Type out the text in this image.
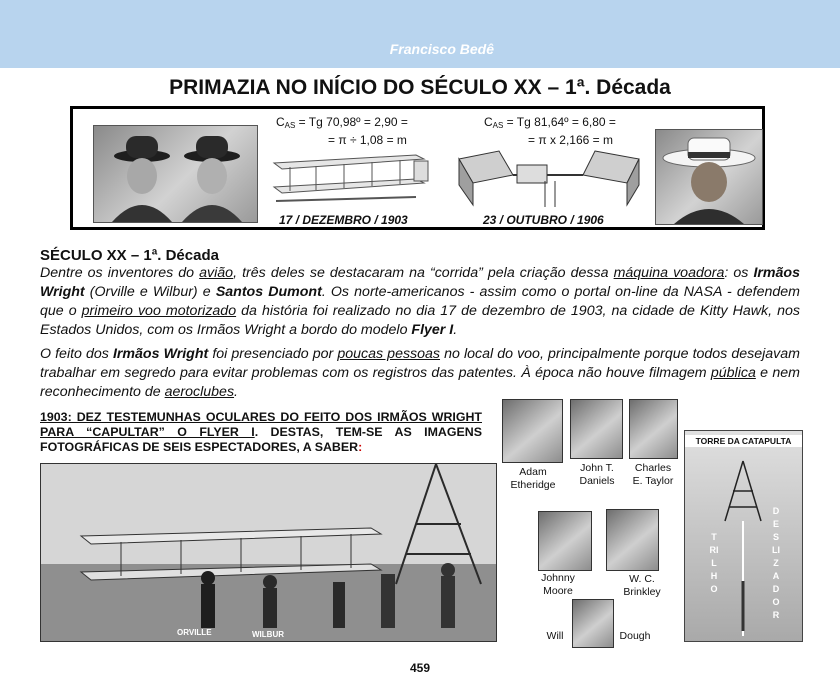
Francisco Bedê
PRIMAZIA NO INÍCIO DO SÉCULO XX – 1ª. Década
$C_{AS} = Tg$ 70,98º = 2,90 =
= π ÷ 1,08 = m
17 / DEZEMBRO / 1903
$C_{AS} = Tg$ 81,64º = 6,80 =
= π x 2,166 = m
23 / OUTUBRO / 1906
SÉCULO XX – 1ª. Década

Dentre os inventores do avião, três deles se destacaram na “corrida” pela criação dessa máquina voadora: os Irmãos Wright (Orville e Wilbur) e Santos Dumont. Os norte-americanos - assim como o portal on-line da NASA - defendem que o primeiro voo motorizado da história foi realizado no dia 17 de dezembro de 1903, na cidade de Kitty Hawk, nos Estados Unidos, com os Irmãos Wright a bordo do modelo Flyer I.

O feito dos Irmãos Wright foi presenciado por poucas pessoas no local do voo, principalmente porque todos desejavam trabalhar em segredo para evitar problemas com os registros das patentes. À época não houve filmagem pública e nem reconhecimento de aeroclubes.

1903: DEZ TESTEMUNHAS OCULARES DO FEITO DOS IRMÃOS WRIGHT PARA “CAPULTAR” O FLYER I. DESTAS, TEM-SE AS IMAGENS FOTOGRÁFICAS DE SEIS ESPECTADORES, A SABER:
ORVILLE	WILBUR
Adam
Etheridge
John T.
Daniels
Charles
E. Taylor
Johnny
Moore
W. C.
Brinkley
Will	Dough
TORRE DA CATAPULTA
TRILHO
DESLIZADOR
459
